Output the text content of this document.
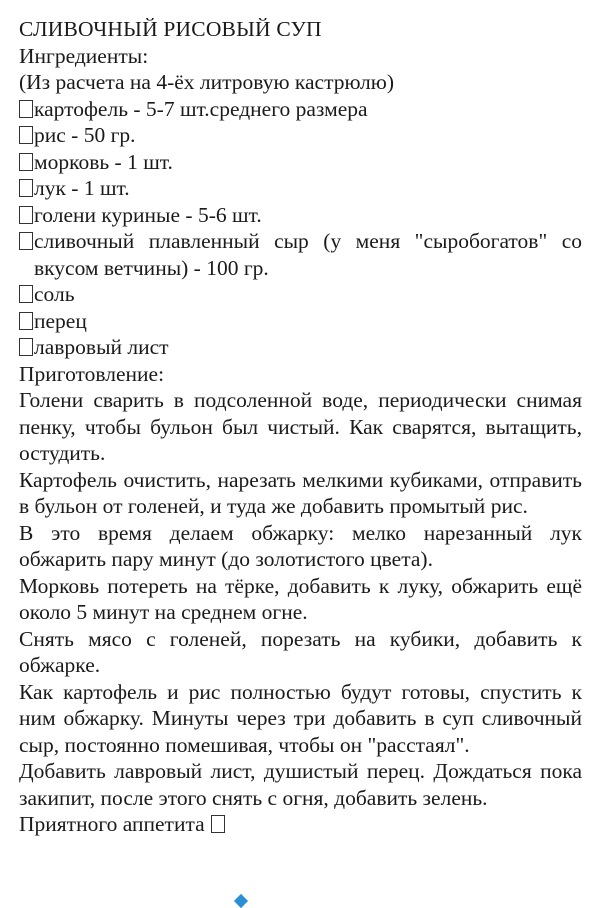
СЛИВОЧНЫЙ РИСОВЫЙ СУП

Ингредиенты:

(Из расчета на 4-ёх литровую кастрюлю)

картофель - 5-7 шт.среднего размера
рис - 50 гр.
морковь - 1 шт.
лук - 1 шт.
голени куриные - 5-6 шт.
сливочный плавленный сыр (у меня "сыробогатов" со вкусом ветчины) - 100 гр.
соль
перец
лавровый лист

Приготовление:

Голени сварить в подсоленной воде, периодически снимая пенку, чтобы бульон был чистый. Как сварятся, вытащить, остудить.

Картофель очистить, нарезать мелкими кубиками, отправить в бульон от голеней, и туда же добавить промытый рис.

В это время делаем обжарку: мелко нарезанный лук обжарить пару минут (до золотистого цвета).

Морковь потереть на тёрке, добавить к луку, обжарить ещё около 5 минут на среднем огне.

Снять мясо с голеней, порезать на кубики, добавить к обжарке.

Как картофель и рис полностью будут готовы, спустить к ним обжарку. Минуты через три добавить в суп сливочный сыр, постоянно помешивая, чтобы он "расстаял".

Добавить лавровый лист, душистый перец. Дождаться пока закипит, после этого снять с огня, добавить зелень.

Приятного аппетита
